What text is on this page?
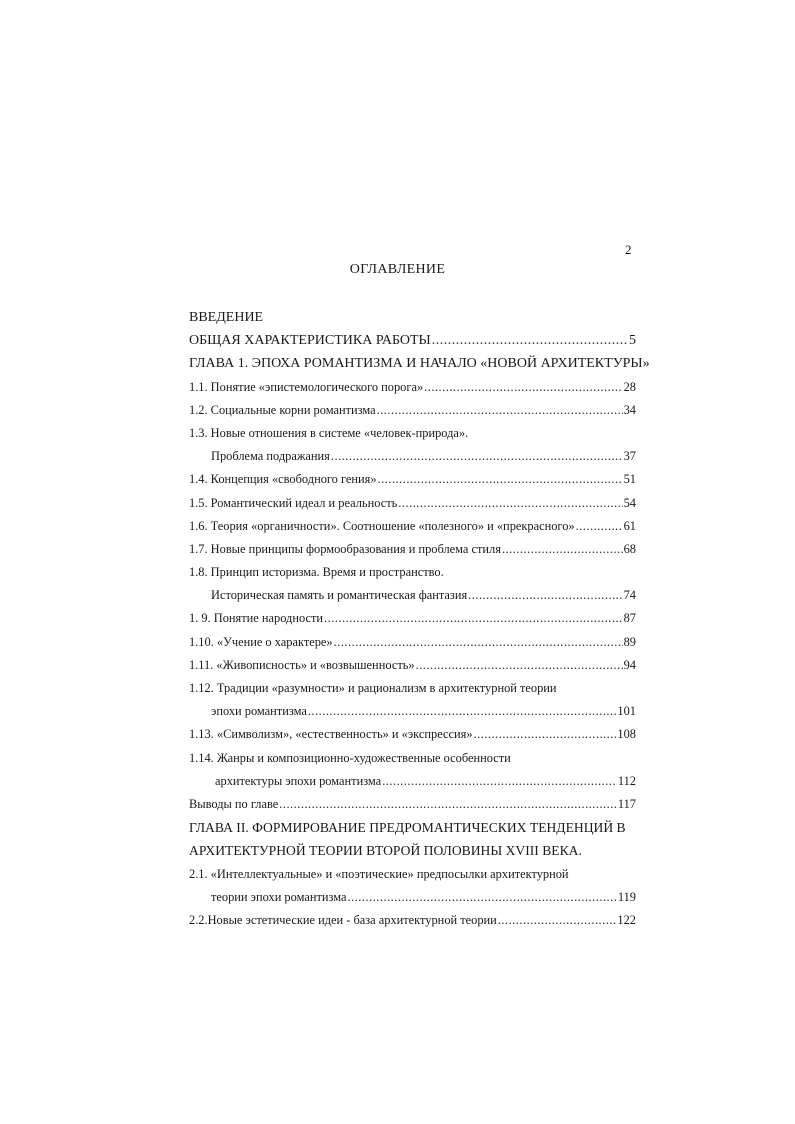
2
ОГЛАВЛЕНИЕ
ВВЕДЕНИЕ
ОБЩАЯ ХАРАКТЕРИСТИКА РАБОТЫ .....	5
ГЛАВА 1. ЭПОХА РОМАНТИЗМА И НАЧАЛО «НОВОЙ АРХИТЕКТУРЫ»
1.1. Понятие «эпистемологического порога» .....	28
1.2. Социальные корни романтизма .....	34
1.3. Новые отношения в системе «человек-природа».
Проблема подражания .....	37
1.4. Концепция «свободного гения» .....	51
1.5. Романтический идеал и реальность .....	54
1.6. Теория «органичности». Соотношение «полезного» и «прекрасного» .....	61
1.7. Новые принципы формообразования и проблема стиля .....	68
1.8. Принцип историзма. Время и пространство.
Историческая память и романтическая фантазия .....	74
1. 9. Понятие народности .....	87
1.10. «Учение о характере» .....	89
1.11. «Живописность» и «возвышенность» .....	94
1.12. Традиции «разумности» и рационализм в архитектурной теории
эпохи романтизма .....	101
1.13. «Символизм», «естественность» и «экспрессия» .....	108
1.14. Жанры и композиционно-художественные особенности
архитектуры эпохи романтизма .....	112
Выводы по главе .....	117
ГЛАВА II. ФОРМИРОВАНИЕ ПРЕДРОМАНТИЧЕСКИХ ТЕНДЕНЦИЙ В
АРХИТЕКТУРНОЙ ТЕОРИИ ВТОРОЙ ПОЛОВИНЫ XVIII ВЕКА.
2.1. «Интеллектуальные» и «поэтические» предпосылки архитектурной
теории эпохи романтизма .....	119
2.2.Новые эстетические идеи - база архитектурной теории .....	122
